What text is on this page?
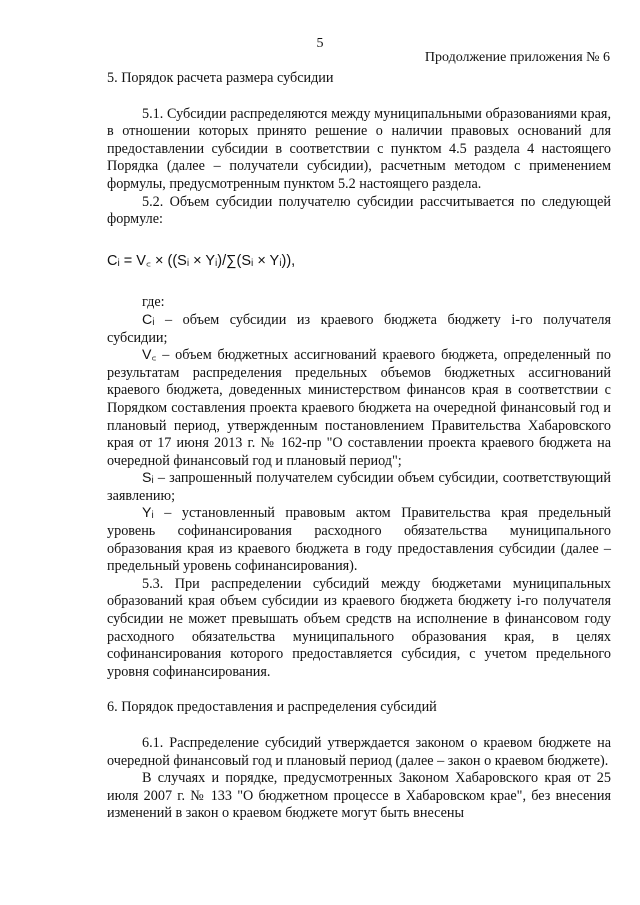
5
Продолжение приложения № 6

5. Порядок расчета размера субсидии

5.1. Субсидии распределяются между муниципальными образованиями края, в отношении которых принято решение о наличии правовых оснований для предоставлении субсидии в соответствии с пунктом 4.5 раздела 4 настоящего Порядка (далее – получатели субсидии), расчетным методом с применением формулы, предусмотренным пунктом 5.2 настоящего раздела.

5.2. Объем субсидии получателю субсидии рассчитывается по следующей формуле:

Cᵢ = V꜀ × ((Sᵢ × Yᵢ)/∑(Sᵢ × Yᵢ)),

где:

Cᵢ – объем субсидии из краевого бюджета бюджету i-го получателя субсидии;

V꜀ – объем бюджетных ассигнований краевого бюджета, определенный по результатам распределения предельных объемов бюджетных ассигнований краевого бюджета, доведенных министерством финансов края в соответствии с Порядком составления проекта краевого бюджета на очередной финансовый год и плановый период, утвержденным постановлением Правительства Хабаровского края от 17 июня 2013 г. № 162-пр "О составлении проекта краевого бюджета на очередной финансовый год и плановый период";

Sᵢ – запрошенный получателем субсидии объем субсидии, соответствующий заявлению;

Yᵢ – установленный правовым актом Правительства края предельный уровень софинансирования расходного обязательства муниципального образования края из краевого бюджета в году предоставления субсидии (далее – предельный уровень софинансирования).

5.3. При распределении субсидий между бюджетами муниципальных образований края объем субсидии из краевого бюджета бюджету i-го получателя субсидии не может превышать объем средств на исполнение в финансовом году расходного обязательства муниципального образования края, в целях софинансирования которого предоставляется субсидия, с учетом предельного уровня софинансирования.

6. Порядок предоставления и распределения субсидий

6.1. Распределение субсидий утверждается законом о краевом бюджете на очередной финансовый год и плановый период (далее – закон о краевом бюджете).

В случаях и порядке, предусмотренных Законом Хабаровского края от 25 июля 2007 г. № 133 "О бюджетном процессе в Хабаровском крае", без внесения изменений в закон о краевом бюджете могут быть внесены
